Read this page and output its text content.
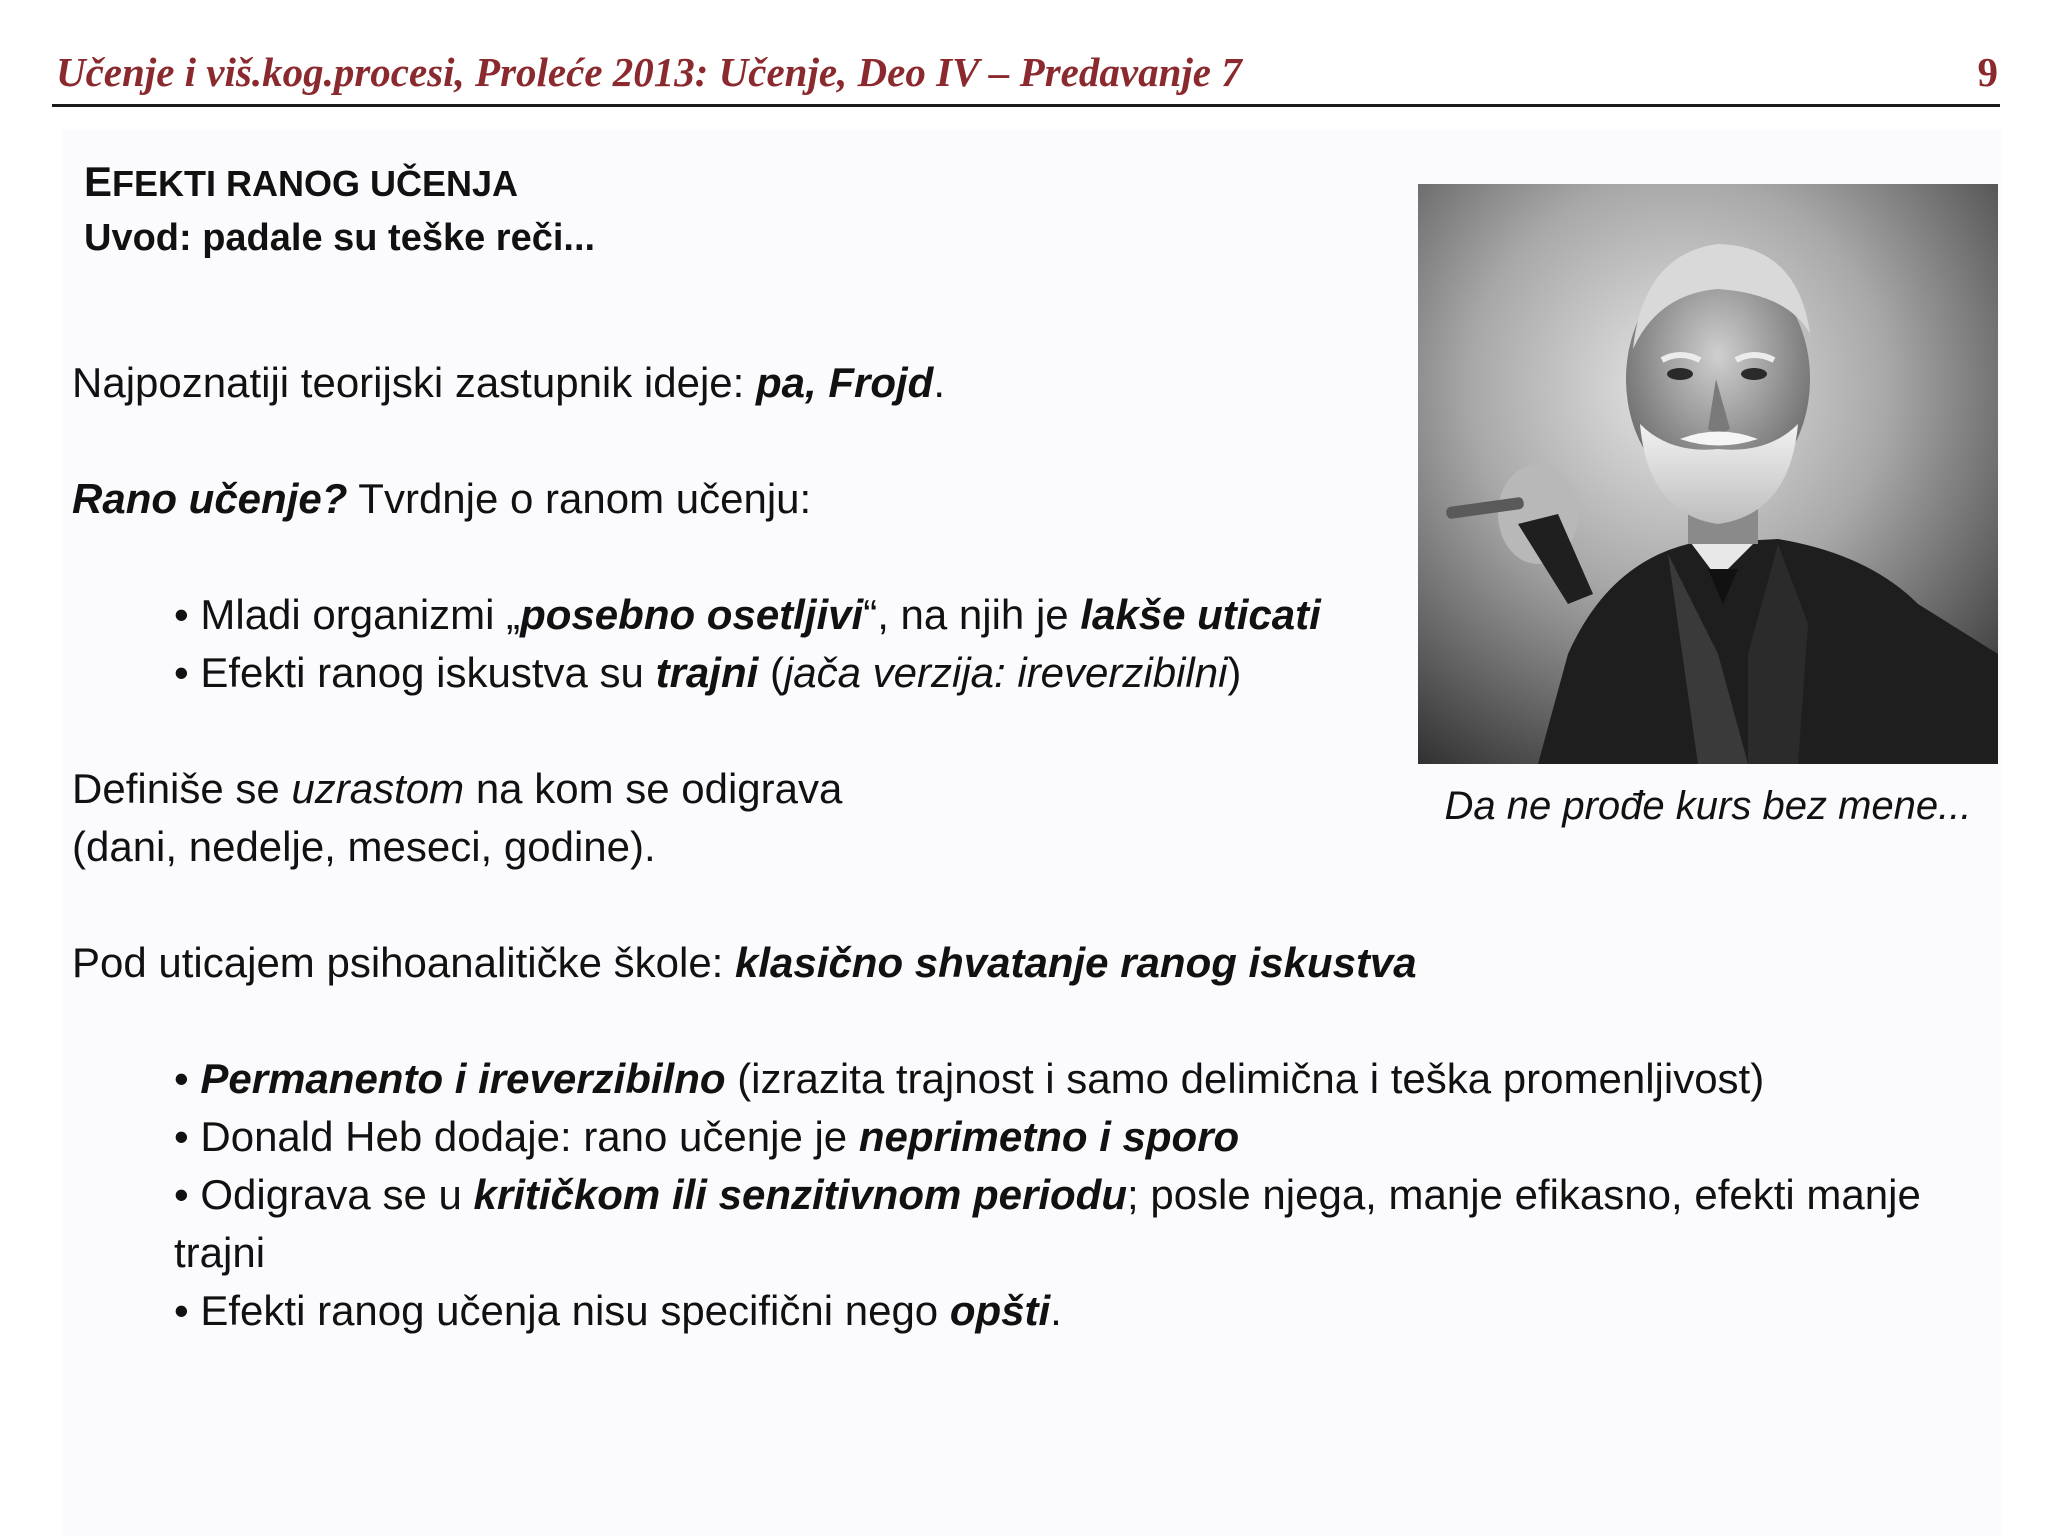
Učenje i viš.kog.procesi, Proleće 2013: Učenje, Deo IV – Predavanje 7	9
EFEKTI RANOG UČENJA
Uvod: padale su teške reči...
Najpoznatiji teorijski zastupnik ideje: pa, Frojd.
Rano učenje? Tvrdnje o ranom učenju:
• Mladi organizmi „posebno osetljivi“, na njih je lakše uticati
• Efekti ranog iskustva su trajni (jača verzija: ireverzibilni)
Definiše se uzrastom na kom se odigrava
(dani, nedelje, meseci, godine).
Pod uticajem psihoanalitičke škole: klasično shvatanje ranog iskustva
• Permanento i ireverzibilno (izrazita trajnost i samo delimična i teška promenljivost)
• Donald Heb dodaje: rano učenje je neprimetno i sporo
• Odigrava se u kritičkom ili senzitivnom periodu; posle njega, manje efikasno, efekti manje trajni
• Efekti ranog učenja nisu specifični nego opšti.
Da ne prođe kurs bez mene...
